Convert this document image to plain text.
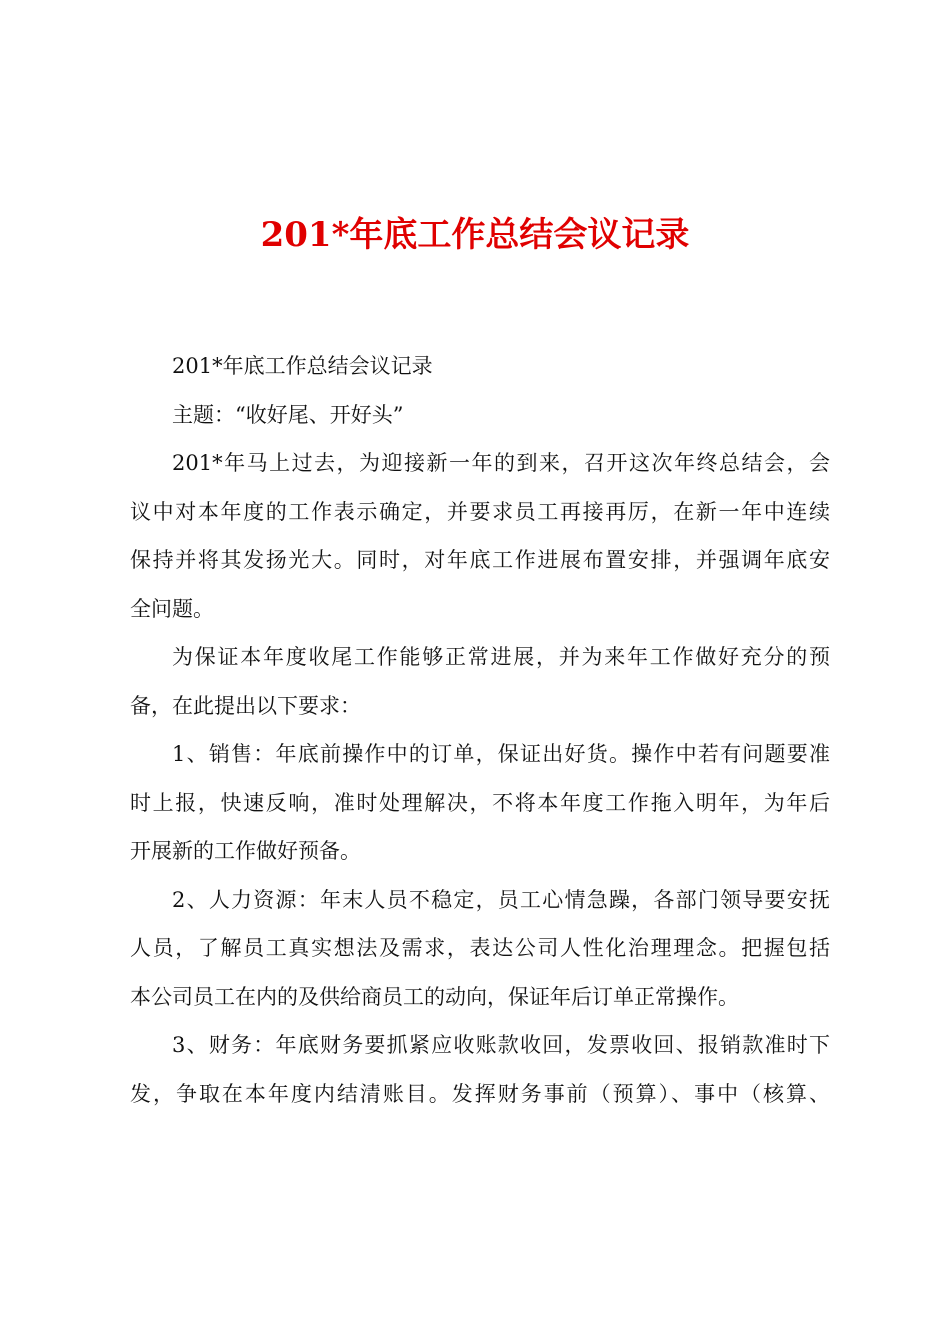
201*年底工作总结会议记录
201*年底工作总结会议记录
主题：“收好尾、开好头”
201*年马上过去，为迎接新一年的到来，召开这次年终总结会，会
议中对本年度的工作表示确定，并要求员工再接再厉，在新一年中连续
保持并将其发扬光大。同时，对年底工作进展布置安排，并强调年底安
全问题。
为保证本年度收尾工作能够正常进展，并为来年工作做好充分的预
备，在此提出以下要求：
1、销售：年底前操作中的订单，保证出好货。操作中若有问题要准
时上报，快速反响，准时处理解决，不将本年度工作拖入明年，为年后
开展新的工作做好预备。
2、人力资源：年末人员不稳定，员工心情急躁，各部门领导要安抚
人员，了解员工真实想法及需求，表达公司人性化治理理念。把握包括
本公司员工在内的及供给商员工的动向，保证年后订单正常操作。
3、财务：年底财务要抓紧应收账款收回，发票收回、报销款准时下
发，争取在本年度内结清账目。发挥财务事前（预算）、事中（核算、
